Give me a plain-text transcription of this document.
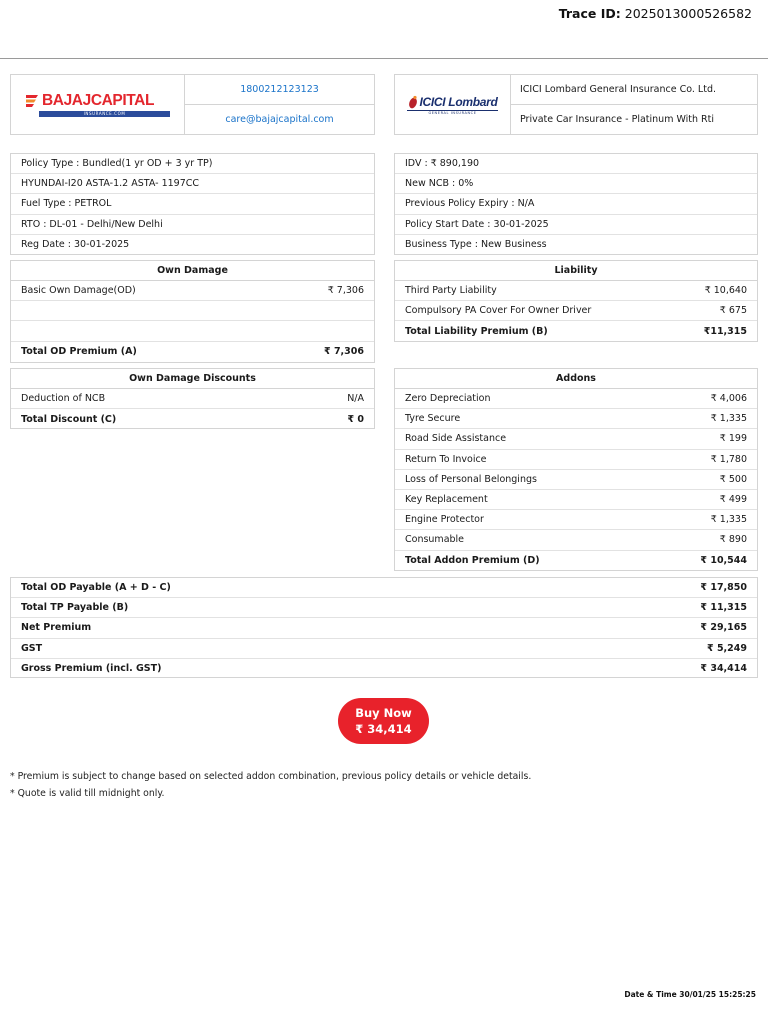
Trace ID: 2025013000526582
BAJAJCAPITAL
INSURANCE.COM
1800212123123
care@bajajcapital.com
ICICI Lombard
GENERAL INSURANCE
ICICI Lombard General Insurance Co. Ltd.
Private Car Insurance - Platinum With Rti
Policy Type : Bundled(1 yr OD + 3 yr TP)
HYUNDAI-I20 ASTA-1.2 ASTA- 1197CC
Fuel Type : PETROL
RTO : DL-01 - Delhi/New Delhi
Reg Date : 30-01-2025
IDV : ₹ 890,190
New NCB : 0%
Previous Policy Expiry : N/A
Policy Start Date : 30-01-2025
Business Type : New Business
Own Damage
Basic Own Damage(OD)	₹ 7,306
Total OD Premium (A)	₹ 7,306
Liability
Third Party Liability	₹ 10,640
Compulsory PA Cover For Owner Driver	₹ 675
Total Liability Premium (B)	₹11,315
Own Damage Discounts
Deduction of NCB	N/A
Total Discount (C)	₹ 0
Addons
Zero Depreciation	₹ 4,006
Tyre Secure	₹ 1,335
Road Side Assistance	₹ 199
Return To Invoice	₹ 1,780
Loss of Personal Belongings	₹ 500
Key Replacement	₹ 499
Engine Protector	₹ 1,335
Consumable	₹ 890
Total Addon Premium (D)	₹ 10,544
Total OD Payable (A + D - C)	₹ 17,850
Total TP Payable (B)	₹ 11,315
Net Premium	₹ 29,165
GST	₹ 5,249
Gross Premium (incl. GST)	₹ 34,414
Buy Now
₹ 34,414
* Premium is subject to change based on selected addon combination, previous policy details or vehicle details.
* Quote is valid till midnight only.
Date & Time 30/01/25 15:25:25
